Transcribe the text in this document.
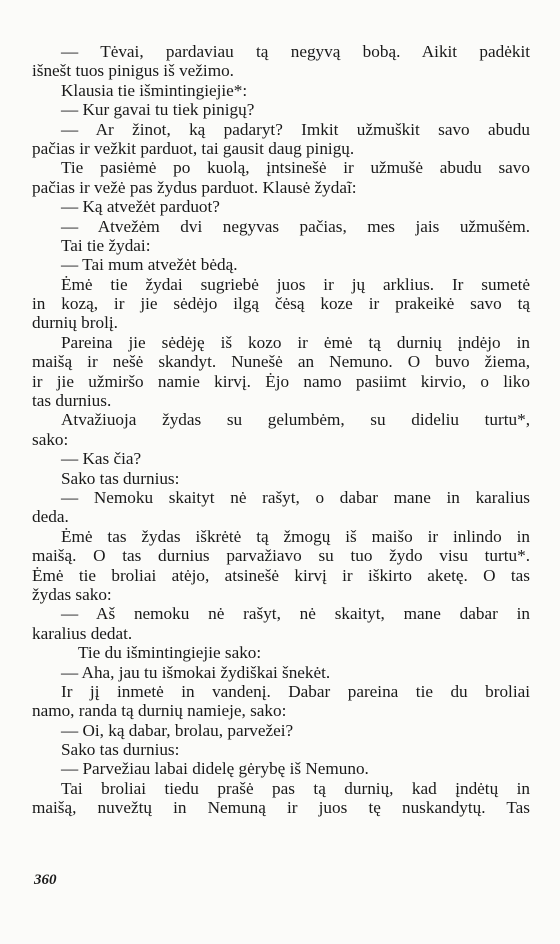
— Tėvai, pardaviau tą negyvą bobą. Aikit padėkit
išnešt tuos pinigus iš vežimo.
Klausia tie išmintingiejie*:
— Kur gavai tu tiek pinigų?
— Ar žinot, ką padaryt? Imkit užmuškit savo abudu
pačias ir vežkit parduot, tai gausit daug pinigų.
Tie pasiėmė po kuolą, įntsinešė ir užmušė abudu savo
pačias ir vežė pas žydus parduot. Klausė žydaĩ:
— Ką atvežėt parduot?
— Atvežėm dvi negyvas pačias, mes jais užmušėm.
Tai tie žydai:
— Tai mum atvežėt bėdą.
Ėmė tie žydai sugriebė juos ir jų arklius. Ir sumetė
in kozą, ir jie sėdėjo ilgą čėsą koze ir prakeikė savo tą
durnių brolį.
Pareina jie sėdėję iš kozo ir ėmė tą durnių įndėjo in
maišą ir nešė skandyt. Nunešė an Nemuno. O buvo žiema,
ir jie užmiršo namie kirvį. Ėjo namo pasiimt kirvio, o liko
tas durnius.
Atvažiuoja žydas su gelumbėm, su dideliu turtu*,
sako:
— Kas čia?
Sako tas durnius:
— Nemoku skaityt nė rašyt, o dabar mane in karalius
deda.
Ėmė tas žydas iškrėtė tą žmogų iš maišo ir inlindo in
maišą. O tas durnius parvažiavo su tuo žydo visu turtu*.
Ėmė tie broliai atėjo, atsinešė kirvį ir iškirto aketę. O tas
žydas sako:
— Aš nemoku nė rašyt, nė skaityt, mane dabar in
karalius dedat.
Tie du išmintingiejie sako:
— Aha, jau tu išmokai žydiškai šnekėt.
Ir jį inmetė in vandenį. Dabar pareina tie du broliai
namo, randa tą durnių namieje, sako:
— Oi, ką dabar, brolau, parvežei?
Sako tas durnius:
— Parvežiau labai didelę gėrybę iš Nemuno.
Tai broliai tiedu prašė pas tą durnių, kad įndėtų in
maišą, nuvežtų in Nemuną ir juos tę nuskandytų. Tas
360
